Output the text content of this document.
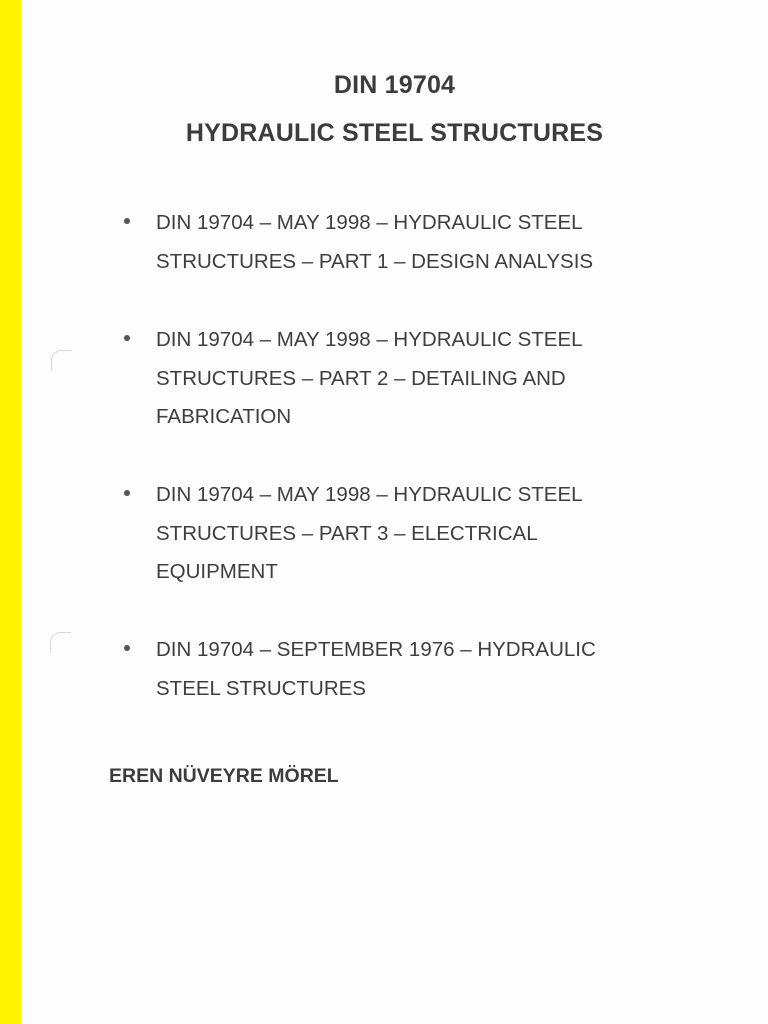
DIN 19704
HYDRAULIC STEEL STRUCTURES
DIN 19704 – MAY 1998 – HYDRAULIC STEEL
STRUCTURES – PART 1 – DESIGN ANALYSIS
DIN 19704 – MAY 1998 – HYDRAULIC STEEL
STRUCTURES – PART 2 – DETAILING AND
FABRICATION
DIN 19704 – MAY 1998 – HYDRAULIC STEEL
STRUCTURES – PART 3 – ELECTRICAL
EQUIPMENT
DIN 19704 – SEPTEMBER 1976 – HYDRAULIC
STEEL STRUCTURES
EREN NÜVEYRE MÖREL
